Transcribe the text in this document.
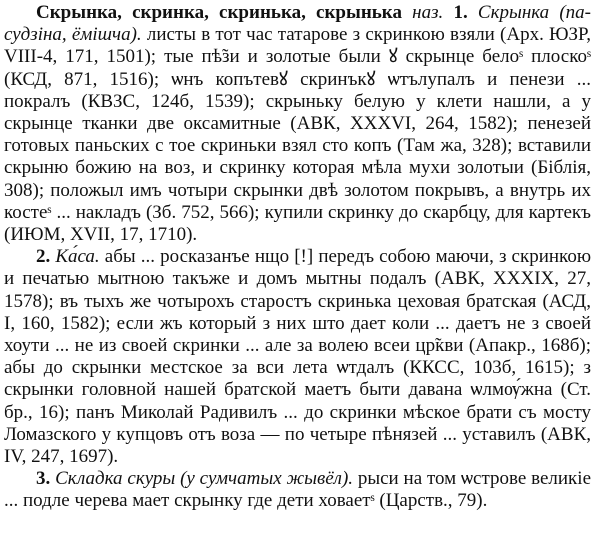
Скрынка, скринка, скринька, скрынька наз. 1. Скрынка (па-судзіна, ёмішча). листы в тот час татарове з скринкою взяли (Арх. ЮЗР, VIII-4, 171, 1501); тые пѣ̃зи и золотые были ꙋ скрынце белоˢ плоскоˢ (КСД, 871, 1516); ѡнъ копътевꙋ скринъкꙋ ѡтълупалъ и пенези ... покралъ (КВЗС, 124б, 1539); скрыньку белую у клети нашли, а у скрынце тканки две оксамитные (АВК, XXXVI, 264, 1582); пенезей готовых паньских с тое скриньки взял сто копъ (Там жа, 328); вставили скрыню божию на воз, и скринку которая мѣла мухи золотыи (Біблія, 308); положыл имъ чотыри скрынки двѣ золотом покрывъ, а внутрь их костеˢ ... накладъ (Зб. 752, 566); купили скринку до скарбцу, для картекъ (ИЮМ, XVII, 17, 1710).

2. Ка́са. абы ... росказанъе нщо [!] передъ собою маючи, з скринкою и печатью мытною такъже и домъ мытны подалъ (АВК, XXXIX, 27, 1578); въ тыхъ же чотырохъ старостъ скринька цеховая братская (АСД, I, 160, 1582); если жъ который з них што дает коли ... даетъ не з своей хоути ... не из своей скринки ... але за волею всеи цр̃кви (Апакр., 168б); абы до скрынки местское за вси лета ѡтдалъ (ККСС, 103б, 1615); з скрынки головной нашей братской маетъ быти давана ѡлмѹ́жна (Ст. бр., 16); панъ Миколай Радивилъ ... до скринки мѣское брати съ мосту Ломазского у купцовъ отъ воза — по четыре пѣнязей ... уставилъ (АВК, IV, 247, 1697).

3. Складка скуры (у сумчатых жывёл). рыси на том ѡстрове великіе ... подле черева мает скрынку где дети ховаетˢ (Царств., 79).
